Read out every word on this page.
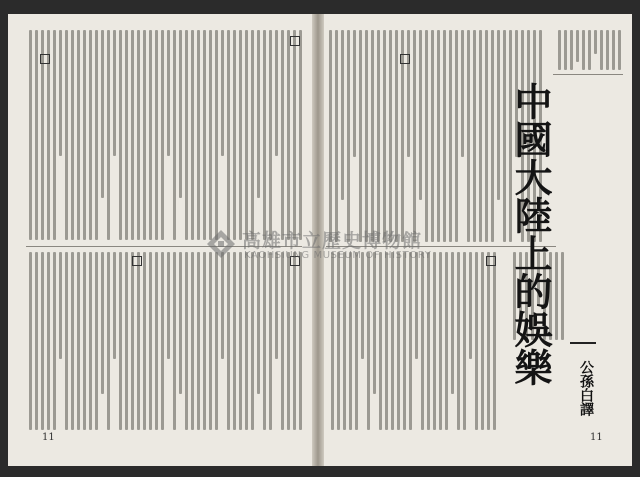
中國大陸上的娛樂
公孫白譯
11	11
高雄市立歷史博物館
KAOHSIUNG MUSEUM OF HISTORY
